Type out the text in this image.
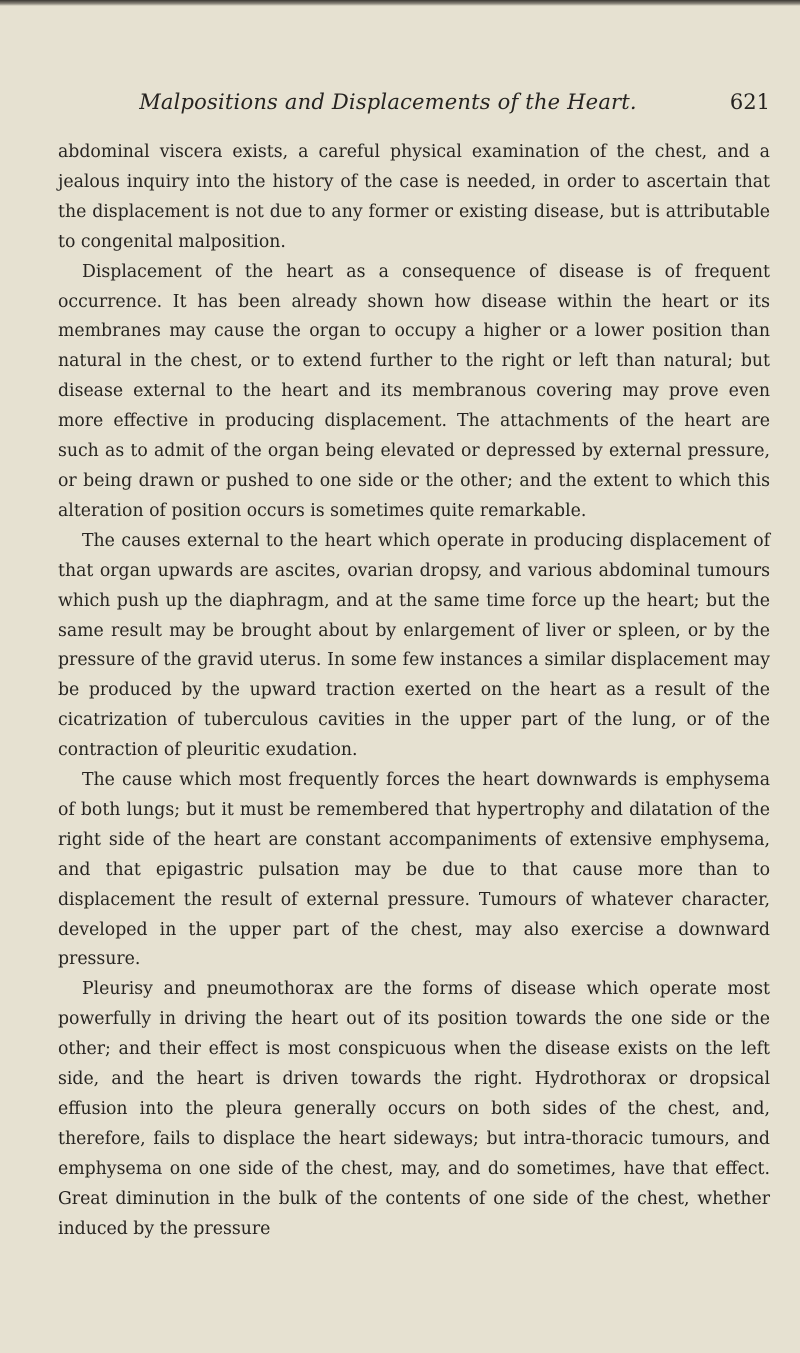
Malpositions and Displacements of the Heart.	621

abdominal viscera exists, a careful physical examination of the chest, and a jealous inquiry into the history of the case is needed, in order to ascertain that the displacement is not due to any former or existing disease, but is attributable to congenital malposition.

Displacement of the heart as a consequence of disease is of frequent occurrence. It has been already shown how disease within the heart or its membranes may cause the organ to occupy a higher or a lower position than natural in the chest, or to extend further to the right or left than natural; but disease external to the heart and its membranous covering may prove even more effective in producing displacement. The attachments of the heart are such as to admit of the organ being elevated or depressed by external pressure, or being drawn or pushed to one side or the other; and the extent to which this alteration of position occurs is sometimes quite remarkable.

The causes external to the heart which operate in producing displacement of that organ upwards are ascites, ovarian dropsy, and various abdominal tumours which push up the diaphragm, and at the same time force up the heart; but the same result may be brought about by enlargement of liver or spleen, or by the pressure of the gravid uterus. In some few instances a similar displacement may be produced by the upward traction exerted on the heart as a result of the cicatrization of tuberculous cavities in the upper part of the lung, or of the contraction of pleuritic exudation.

The cause which most frequently forces the heart downwards is emphysema of both lungs; but it must be remembered that hypertrophy and dilatation of the right side of the heart are constant accompaniments of extensive emphysema, and that epigastric pulsation may be due to that cause more than to displacement the result of external pressure. Tumours of whatever character, developed in the upper part of the chest, may also exercise a downward pressure.

Pleurisy and pneumothorax are the forms of disease which operate most powerfully in driving the heart out of its position towards the one side or the other; and their effect is most conspicuous when the disease exists on the left side, and the heart is driven towards the right. Hydrothorax or dropsical effusion into the pleura generally occurs on both sides of the chest, and, therefore, fails to displace the heart sideways; but intra-thoracic tumours, and emphysema on one side of the chest, may, and do sometimes, have that effect. Great diminution in the bulk of the contents of one side of the chest, whether induced by the pressure
